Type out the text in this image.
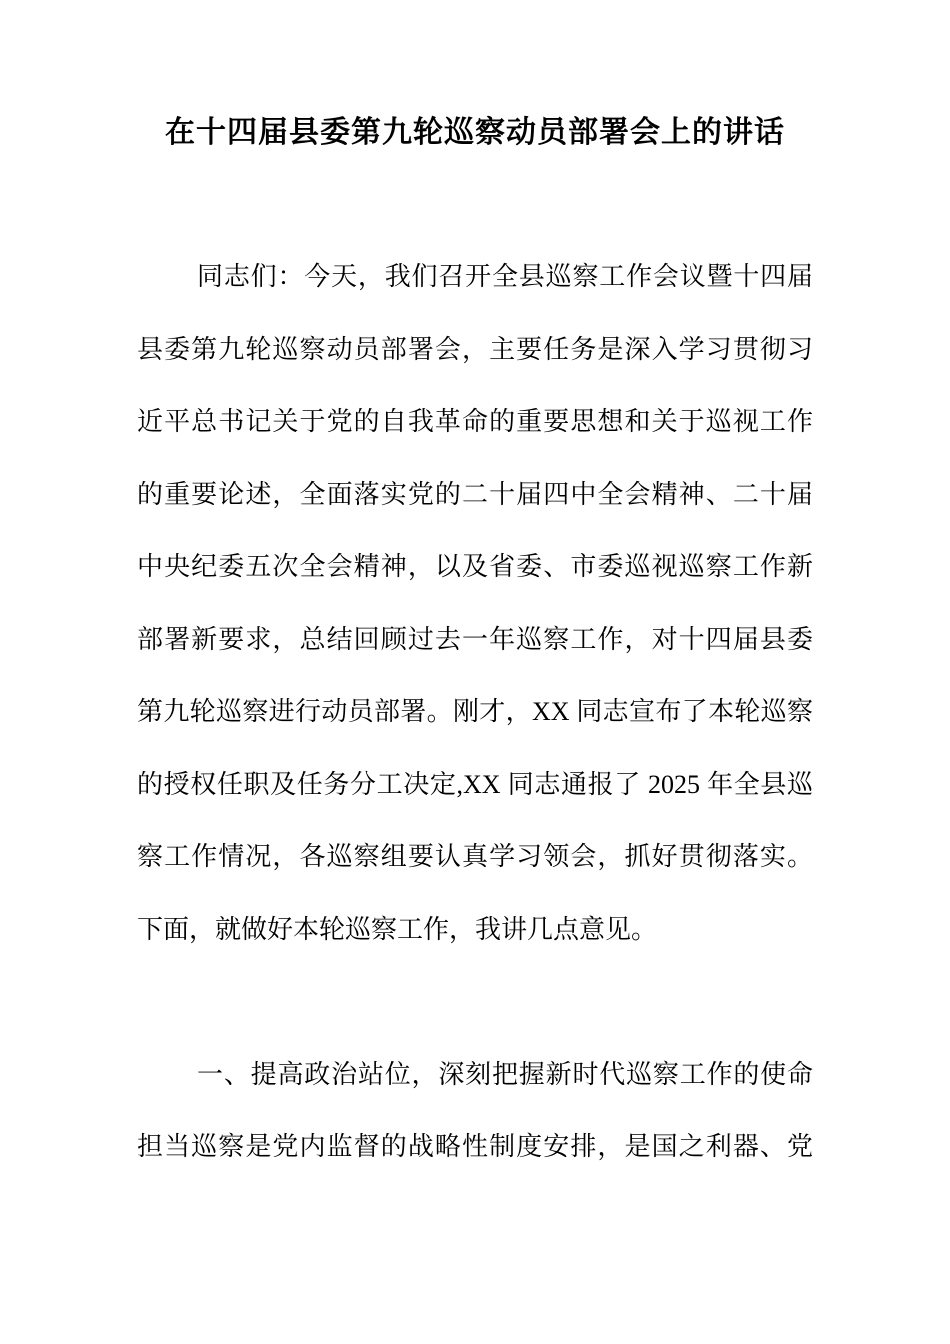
在十四届县委第九轮巡察动员部署会上的讲话
同志们：今天，我们召开全县巡察工作会议暨十四届
县委第九轮巡察动员部署会，主要任务是深入学习贯彻习
近平总书记关于党的自我革命的重要思想和关于巡视工作
的重要论述，全面落实党的二十届四中全会精神、二十届
中央纪委五次全会精神，以及省委、市委巡视巡察工作新
部署新要求，总结回顾过去一年巡察工作，对十四届县委
第九轮巡察进行动员部署。刚才，XX 同志宣布了本轮巡察
的授权任职及任务分工决定,XX 同志通报了 2025 年全县巡
察工作情况，各巡察组要认真学习领会，抓好贯彻落实。
下面，就做好本轮巡察工作，我讲几点意见。
一、提高政治站位，深刻把握新时代巡察工作的使命
担当巡察是党内监督的战略性制度安排，是国之利器、党
